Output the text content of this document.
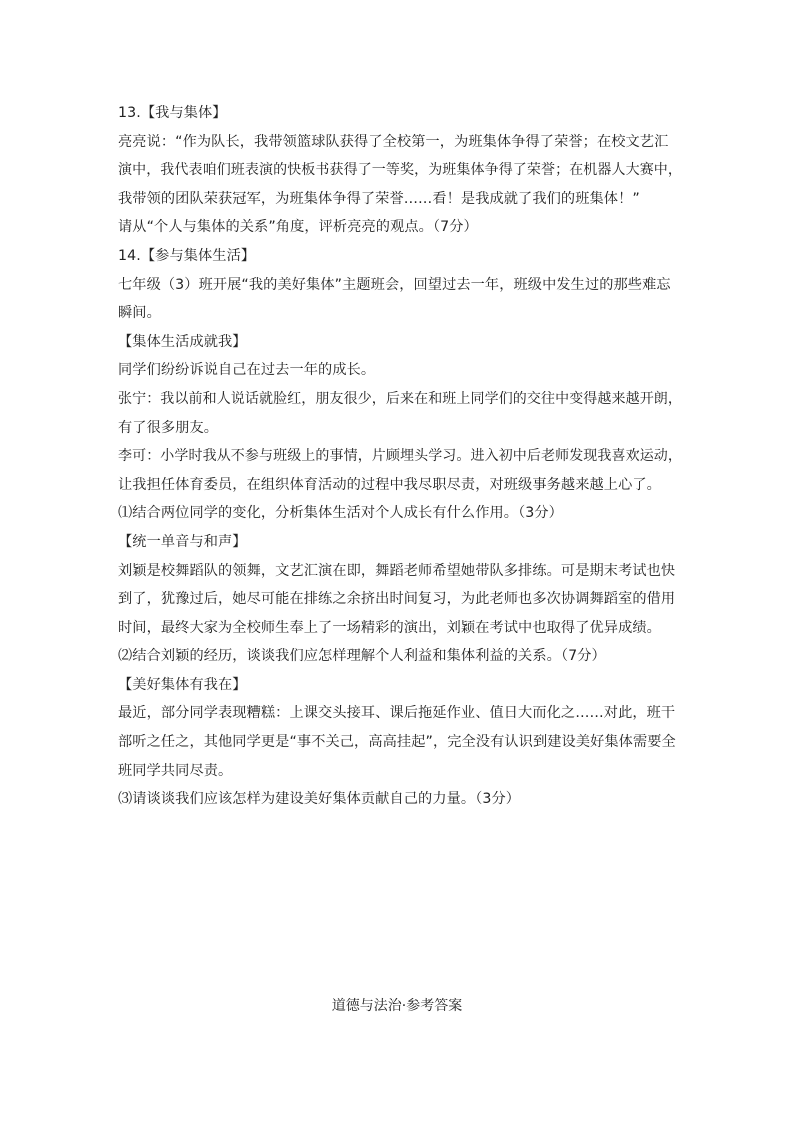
13.【我与集体】

亮亮说：“作为队长，我带领篮球队获得了全校第一，为班集体争得了荣誉；在校文艺汇

演中，我代表咱们班表演的快板书获得了一等奖，为班集体争得了荣誉；在机器人大赛中，

我带领的团队荣获冠军，为班集体争得了荣誉……看！是我成就了我们的班集体！”

请从“个人与集体的关系”角度，评析亮亮的观点。（7分）

14.【参与集体生活】

七年级（3）班开展“我的美好集体”主题班会，回望过去一年，班级中发生过的那些难忘

瞬间。

【集体生活成就我】

同学们纷纷诉说自己在过去一年的成长。

张宁：我以前和人说话就脸红，朋友很少，后来在和班上同学们的交往中变得越来越开朗，

有了很多朋友。

李可：小学时我从不参与班级上的事情，片顾埋头学习。进入初中后老师发现我喜欢运动，

让我担任体育委员，在组织体育活动的过程中我尽职尽责，对班级事务越来越上心了。

⑴结合两位同学的变化，分析集体生活对个人成长有什么作用。（3分）

【统一单音与和声】

刘颖是校舞蹈队的领舞，文艺汇演在即，舞蹈老师希望她带队多排练。可是期末考试也快

到了，犹豫过后，她尽可能在排练之余挤出时间复习，为此老师也多次协调舞蹈室的借用

时间，最终大家为全校师生奉上了一场精彩的演出，刘颖在考试中也取得了优异成绩。

⑵结合刘颖的经历，谈谈我们应怎样理解个人利益和集体利益的关系。（7分）

【美好集体有我在】

最近，部分同学表现糟糕：上课交头接耳、课后拖延作业、值日大而化之……对此，班干

部听之任之，其他同学更是“事不关己，高高挂起”，完全没有认识到建设美好集体需要全

班同学共同尽责。

⑶请谈谈我们应该怎样为建设美好集体贡献自己的力量。（3分）

道德与法治·参考答案
